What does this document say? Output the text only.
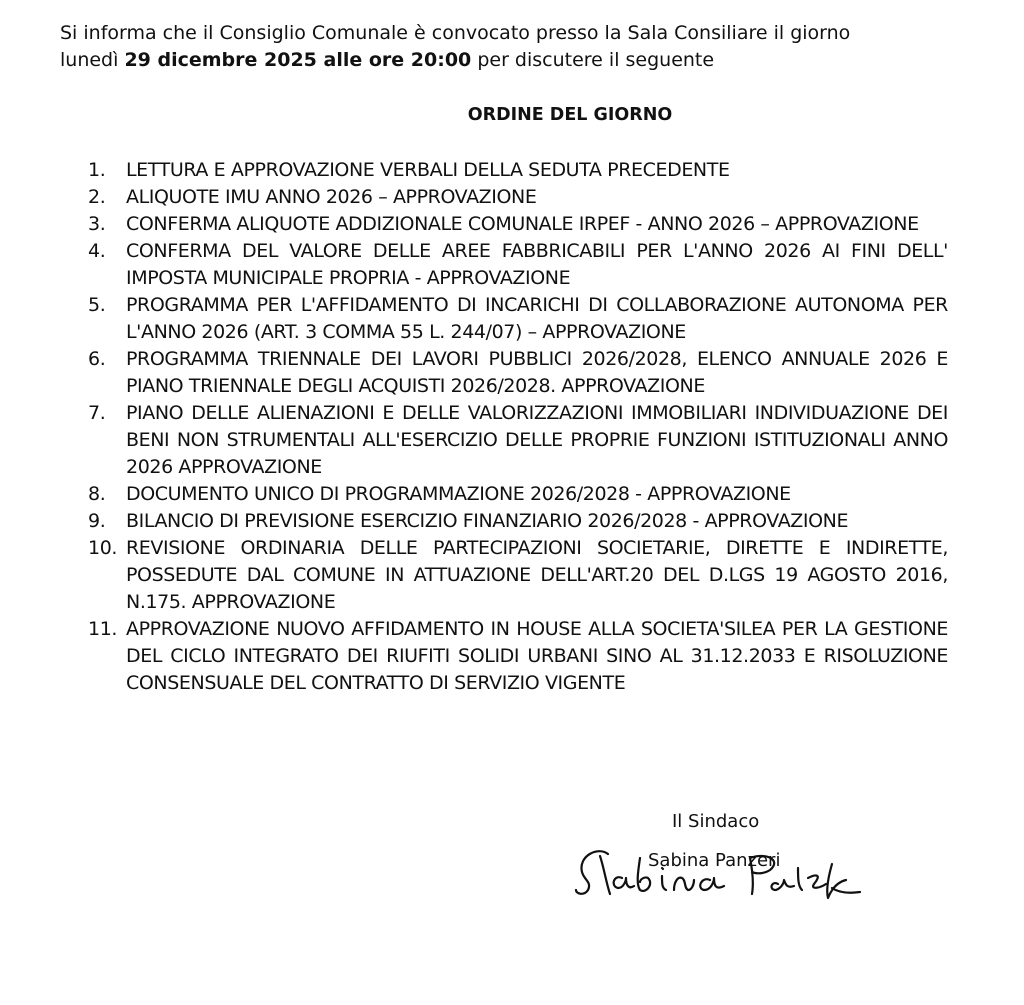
Si informa che il Consiglio Comunale è convocato presso la Sala Consiliare il giorno
lunedì 29 dicembre 2025 alle ore 20:00 per discutere il seguente
ORDINE DEL GIORNO
1.	LETTURA E APPROVAZIONE VERBALI DELLA SEDUTA PRECEDENTE
2.	ALIQUOTE IMU ANNO 2026 – APPROVAZIONE
3.	CONFERMA ALIQUOTE ADDIZIONALE COMUNALE IRPEF - ANNO 2026 – APPROVAZIONE
4.	CONFERMA DEL VALORE DELLE AREE FABBRICABILI PER L'ANNO 2026 AI FINI DELL' IMPOSTA MUNICIPALE PROPRIA - APPROVAZIONE
5.	PROGRAMMA PER L'AFFIDAMENTO DI INCARICHI DI COLLABORAZIONE AUTONOMA PER L'ANNO 2026 (ART. 3 COMMA 55 L. 244/07) – APPROVAZIONE
6.	PROGRAMMA TRIENNALE DEI LAVORI PUBBLICI 2026/2028, ELENCO ANNUALE 2026 E PIANO TRIENNALE DEGLI ACQUISTI 2026/2028. APPROVAZIONE
7.	PIANO DELLE ALIENAZIONI E DELLE VALORIZZAZIONI IMMOBILIARI INDIVIDUAZIONE DEI BENI NON STRUMENTALI ALL'ESERCIZIO DELLE PROPRIE FUNZIONI ISTITUZIONALI ANNO 2026 APPROVAZIONE
8.	DOCUMENTO UNICO DI PROGRAMMAZIONE 2026/2028 - APPROVAZIONE
9.	BILANCIO DI PREVISIONE ESERCIZIO FINANZIARIO 2026/2028 - APPROVAZIONE
10. REVISIONE ORDINARIA DELLE PARTECIPAZIONI SOCIETARIE, DIRETTE E INDIRETTE, POSSEDUTE DAL COMUNE IN ATTUAZIONE DELL'ART.20 DEL D.LGS 19 AGOSTO 2016, N.175. APPROVAZIONE
11. APPROVAZIONE NUOVO AFFIDAMENTO IN HOUSE ALLA SOCIETA'SILEA PER LA GESTIONE DEL CICLO INTEGRATO DEI RIUFITI SOLIDI URBANI SINO AL 31.12.2033 E RISOLUZIONE CONSENSUALE DEL CONTRATTO DI SERVIZIO VIGENTE
Il Sindaco
Sabina Panzeri
